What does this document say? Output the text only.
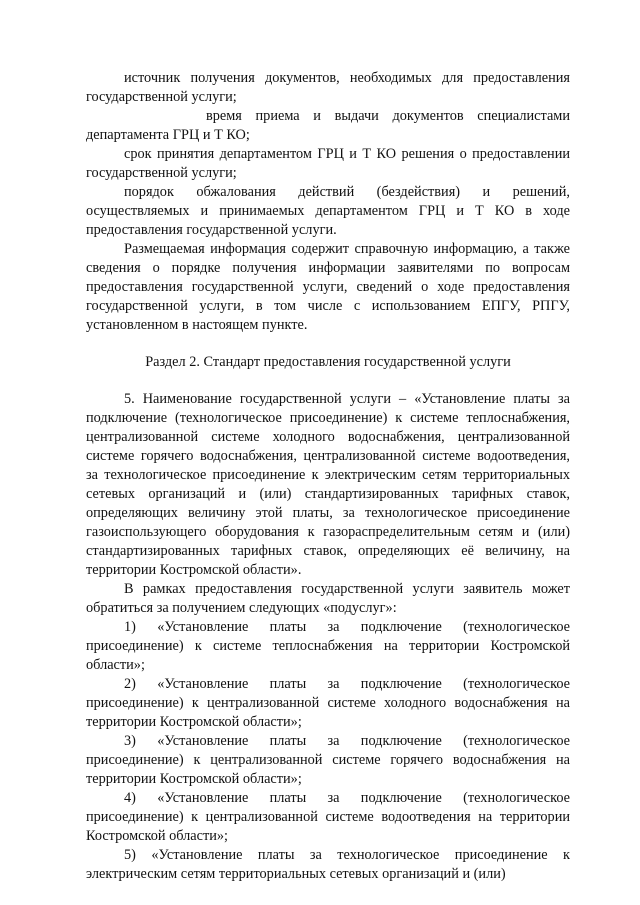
источник получения документов, необходимых для предоставления государственной услуги;

время приема и выдачи документов специалистами департамента ГРЦ и Т КО;

срок принятия департаментом ГРЦ и Т КО решения о предоставлении государственной услуги;

порядок обжалования действий (бездействия) и решений, осуществляемых и принимаемых департаментом ГРЦ и Т КО в ходе предоставления государственной услуги.

Размещаемая информация содержит справочную информацию, а также сведения о порядке получения информации заявителями по вопросам предоставления государственной услуги, сведений о ходе предоставления государственной услуги, в том числе с использованием ЕПГУ, РПГУ, установленном в настоящем пункте.

Раздел 2. Стандарт предоставления государственной услуги

5. Наименование государственной услуги – «Установление платы за подключение (технологическое присоединение) к системе теплоснабжения, централизованной системе холодного водоснабжения, централизованной системе горячего водоснабжения, централизованной системе водоотведения, за технологическое присоединение к электрическим сетям территориальных сетевых организаций и (или) стандартизированных тарифных ставок, определяющих величину этой платы, за технологическое присоединение газоиспользующего оборудования к газораспределительным сетям и (или) стандартизированных тарифных ставок, определяющих её величину, на территории Костромской области».

В рамках предоставления государственной услуги заявитель может обратиться за получением следующих «подуслуг»:

1) «Установление платы за подключение (технологическое присоединение) к системе теплоснабжения на территории Костромской области»;

2) «Установление платы за подключение (технологическое присоединение) к централизованной системе холодного водоснабжения на территории Костромской области»;

3) «Установление платы за подключение (технологическое присоединение) к централизованной системе горячего водоснабжения на территории Костромской области»;

4) «Установление платы за подключение (технологическое присоединение) к централизованной системе водоотведения на территории Костромской области»;

5) «Установление платы за технологическое присоединение к электрическим сетям территориальных сетевых организаций и (или)
